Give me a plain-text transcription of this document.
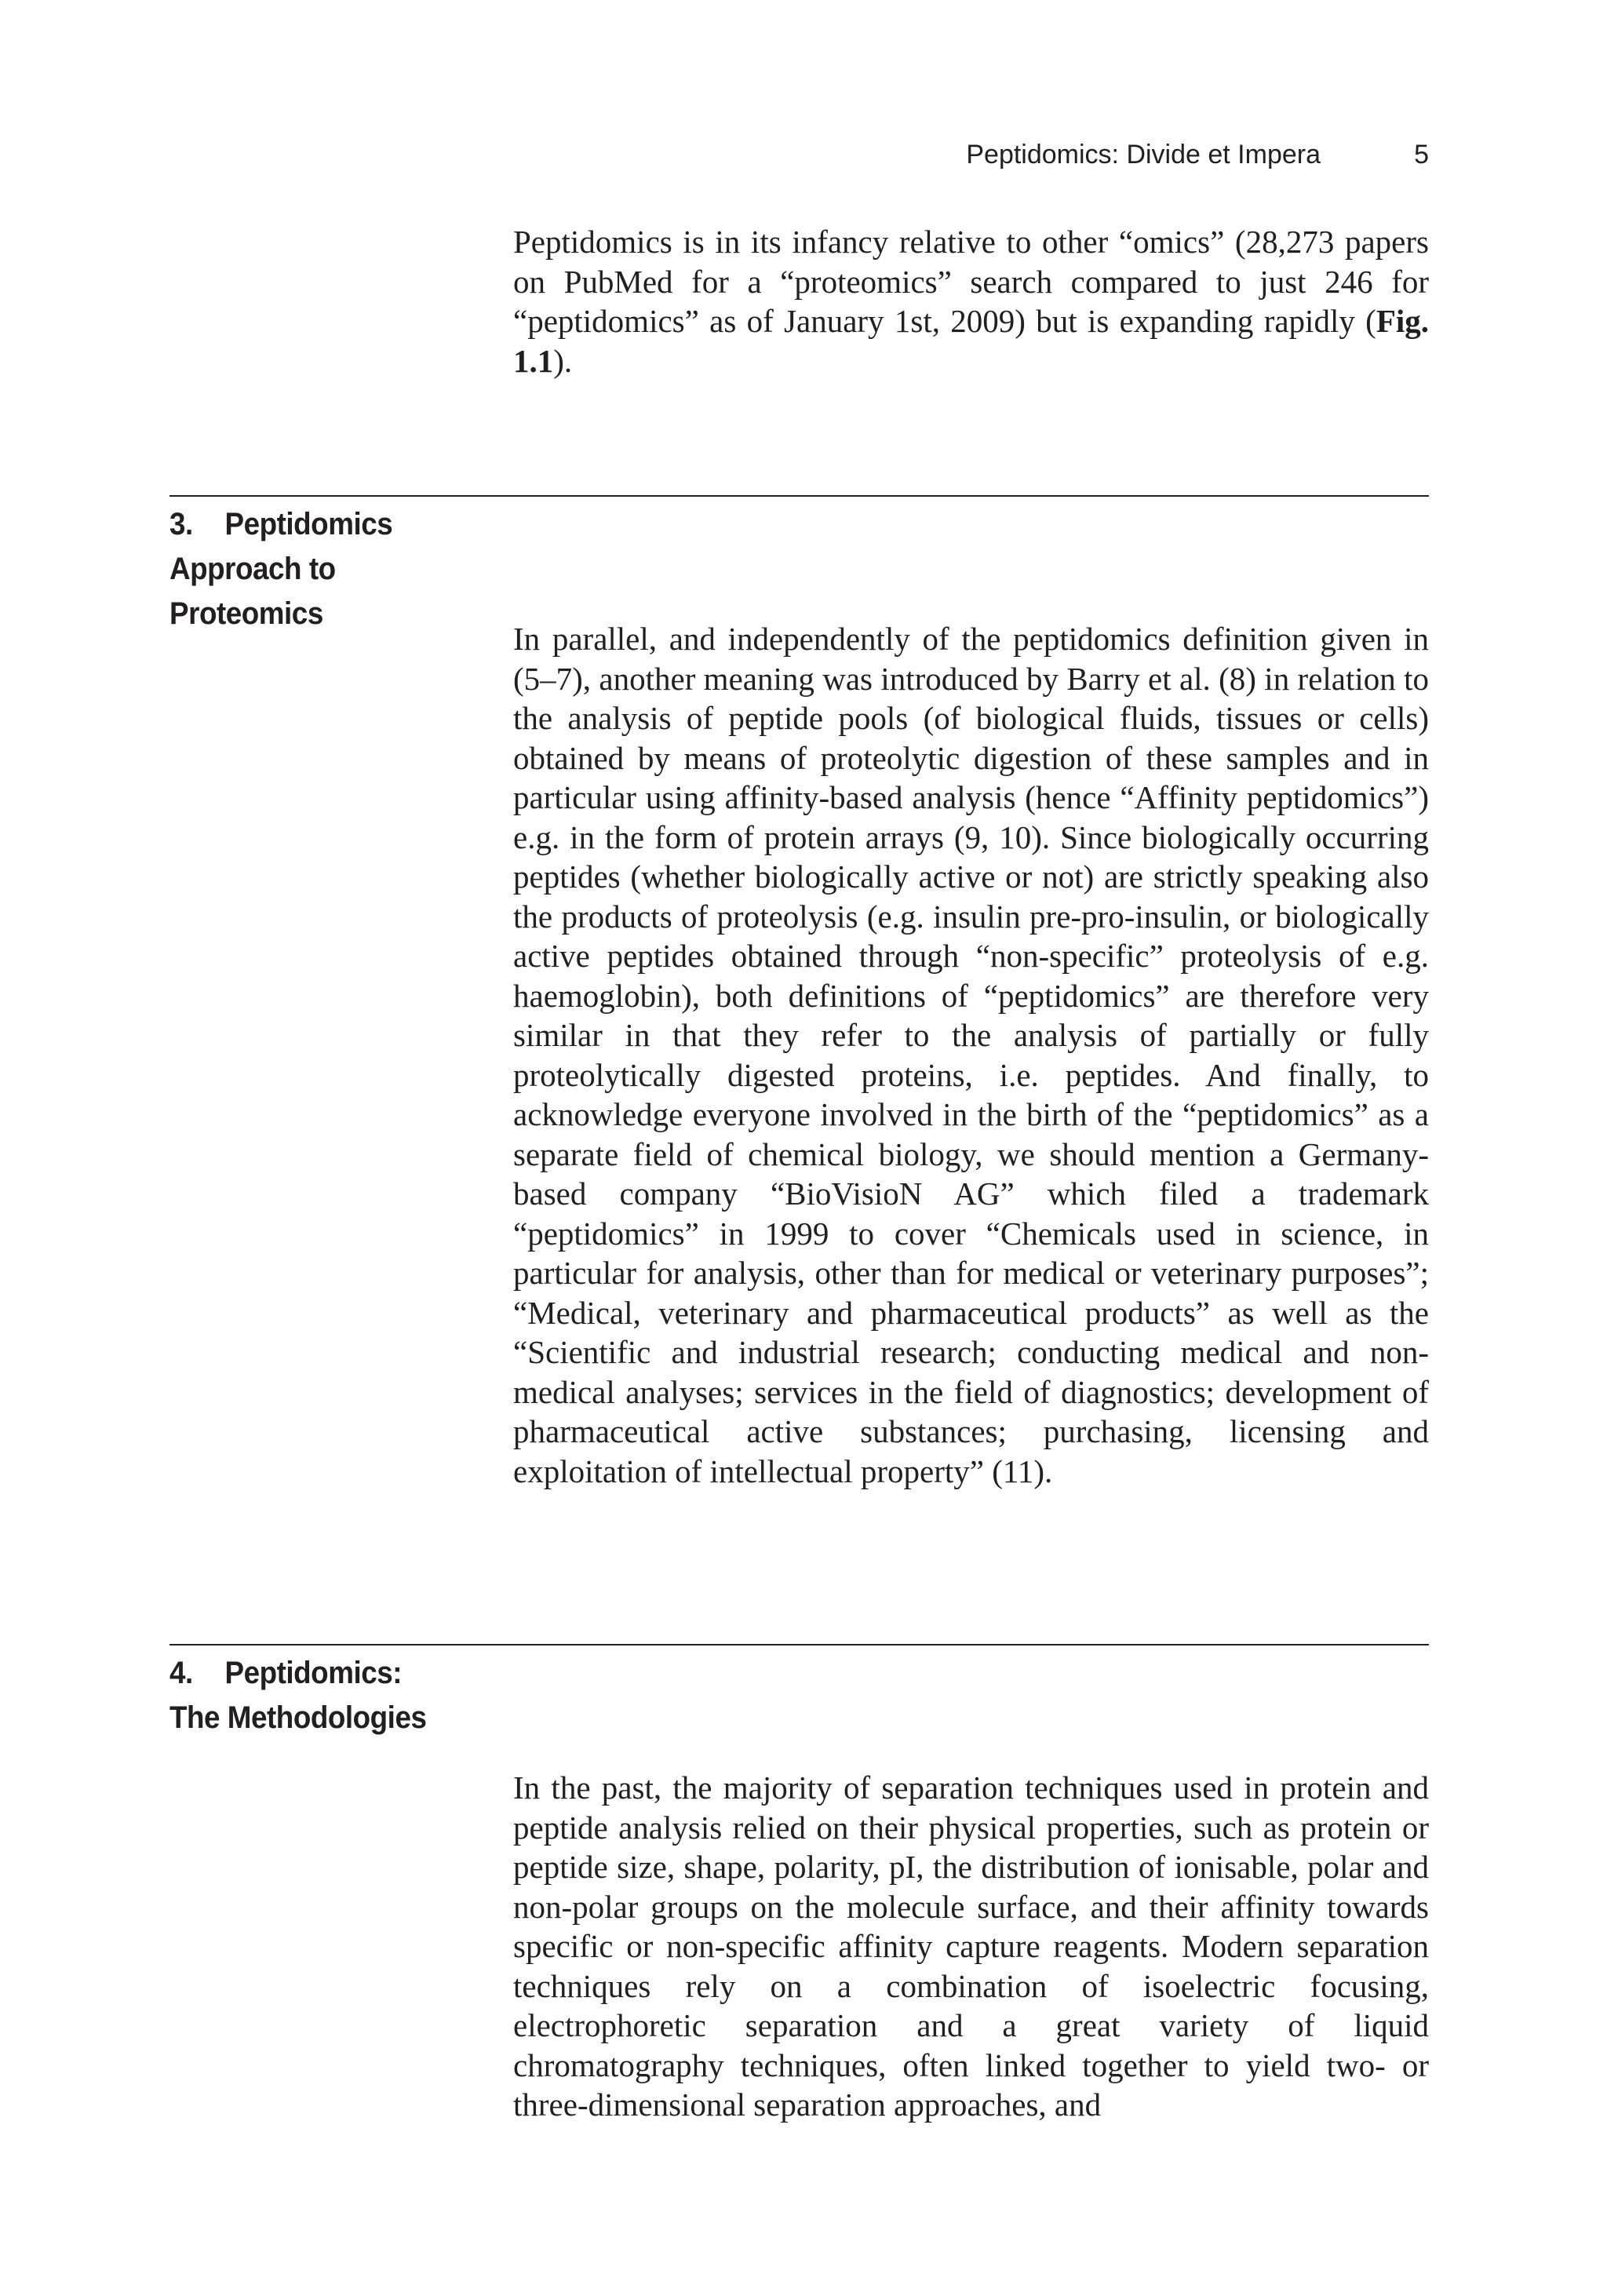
Peptidomics: Divide et Impera	5

Peptidomics is in its infancy relative to other “omics” (28,273 papers on PubMed for a “proteomics” search compared to just 246 for “peptidomics” as of January 1st, 2009) but is expanding rapidly (Fig. 1.1).

3. Peptidomics Approach to Proteomics

In parallel, and independently of the peptidomics definition given in (5–7), another meaning was introduced by Barry et al. (8) in relation to the analysis of peptide pools (of biological fluids, tissues or cells) obtained by means of proteolytic digestion of these samples and in particular using affinity-based analysis (hence “Affinity peptidomics”) e.g. in the form of protein arrays (9, 10). Since biologically occurring peptides (whether biologically active or not) are strictly speaking also the products of proteolysis (e.g. insulin pre-pro-insulin, or biologically active peptides obtained through “non-specific” proteolysis of e.g. haemoglobin), both definitions of “peptidomics” are therefore very similar in that they refer to the analysis of partially or fully proteolytically digested proteins, i.e. peptides. And finally, to acknowledge everyone involved in the birth of the “peptidomics” as a separate field of chemical biology, we should mention a Germany-based company “BioVisioN AG” which filed a trademark “peptidomics” in 1999 to cover “Chemicals used in science, in particular for analysis, other than for medical or veterinary purposes”; “Medical, veterinary and pharmaceutical products” as well as the “Scientific and industrial research; conducting medical and non-medical analyses; services in the field of diagnostics; development of pharmaceutical active substances; purchasing, licensing and exploitation of intellectual property” (11).

4. Peptidomics: The Methodologies

In the past, the majority of separation techniques used in protein and peptide analysis relied on their physical properties, such as protein or peptide size, shape, polarity, pI, the distribution of ionisable, polar and non-polar groups on the molecule surface, and their affinity towards specific or non-specific affinity capture reagents. Modern separation techniques rely on a combination of isoelectric focusing, electrophoretic separation and a great variety of liquid chromatography techniques, often linked together to yield two- or three-dimensional separation approaches, and
